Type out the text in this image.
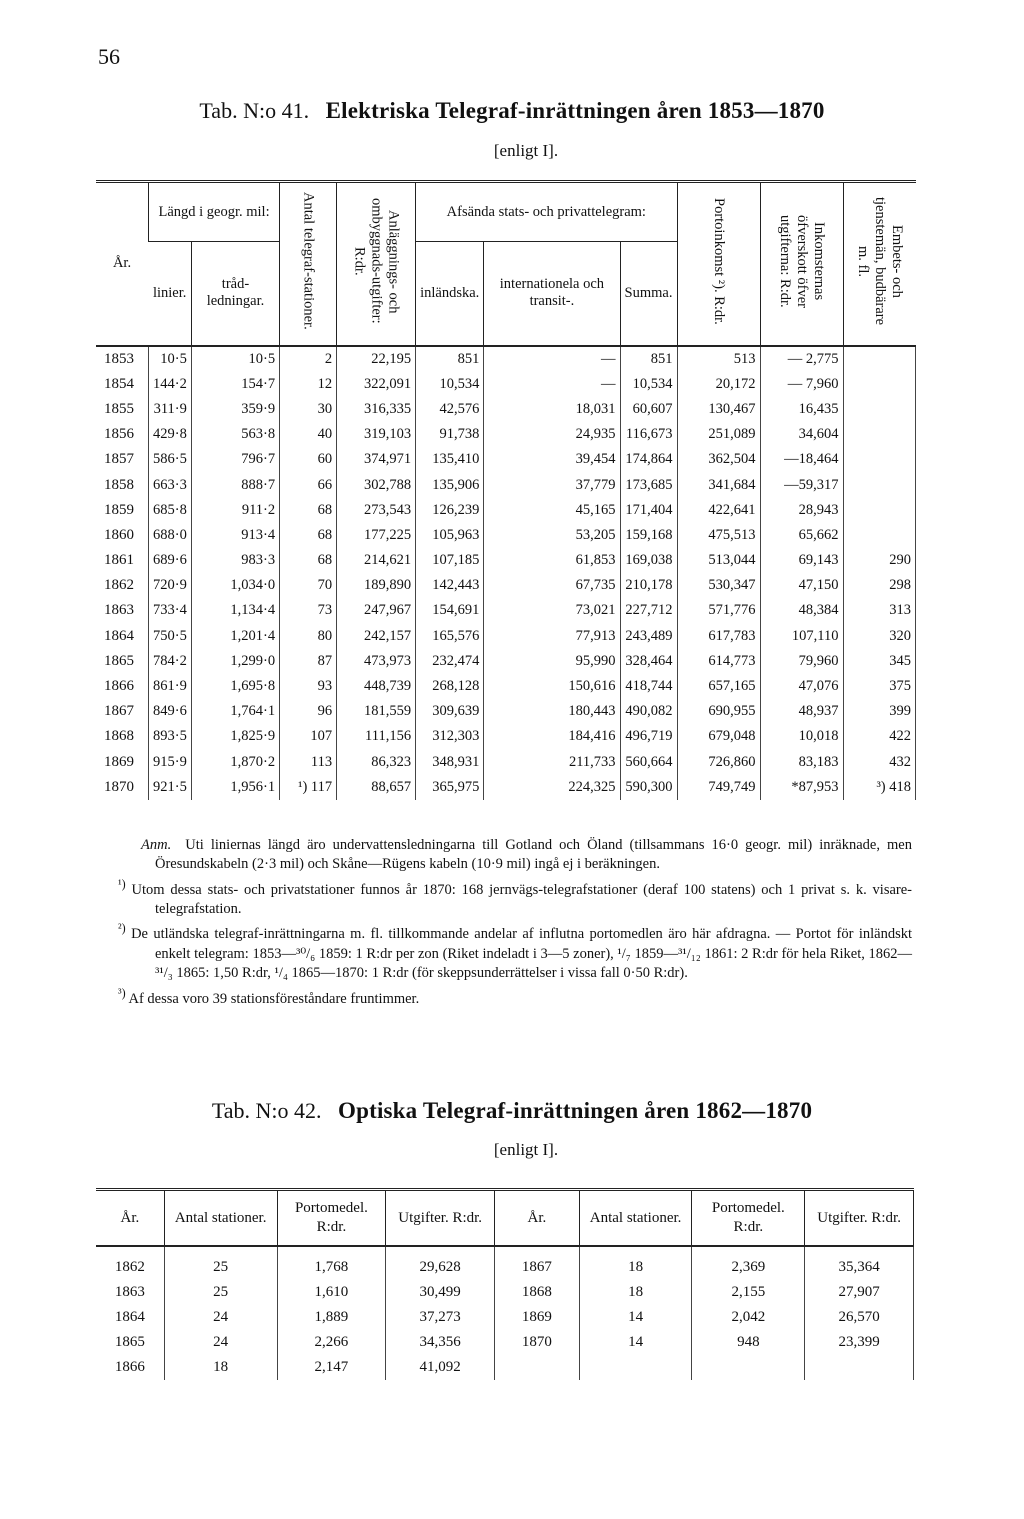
56
Tab. N:o 41. Elektriska Telegraf-inrättningen åren 1853—1870
[enligt I].
År.	Längd i geogr. mil:		Antal telegraf-stationer.	Anläggnings- och ombyggnads-utgifter: R:dr.	Afsända stats- och privattelegram:			Portoinkomst ²). R:dr.	Inkomsternas öfverskott öfver utgifterna: R:dr.	Embets- och tjenstemän, budbärare m. fl.
	linier.	tråd-ledningar.			inländska.	internationela och transit-.	Summa.			
1853	10·5	10·5	2	22,195	851	—	851	513	— 2,775	
1854	144·2	154·7	12	322,091	10,534	—	10,534	20,172	— 7,960	
1855	311·9	359·9	30	316,335	42,576	18,031	60,607	130,467	16,435	
1856	429·8	563·8	40	319,103	91,738	24,935	116,673	251,089	34,604	
1857	586·5	796·7	60	374,971	135,410	39,454	174,864	362,504	—18,464	
1858	663·3	888·7	66	302,788	135,906	37,779	173,685	341,684	—59,317	
1859	685·8	911·2	68	273,543	126,239	45,165	171,404	422,641	28,943	
1860	688·0	913·4	68	177,225	105,963	53,205	159,168	475,513	65,662	
1861	689·6	983·3	68	214,621	107,185	61,853	169,038	513,044	69,143	290
1862	720·9	1,034·0	70	189,890	142,443	67,735	210,178	530,347	47,150	298
1863	733·4	1,134·4	73	247,967	154,691	73,021	227,712	571,776	48,384	313
1864	750·5	1,201·4	80	242,157	165,576	77,913	243,489	617,783	107,110	320
1865	784·2	1,299·0	87	473,973	232,474	95,990	328,464	614,773	79,960	345
1866	861·9	1,695·8	93	448,739	268,128	150,616	418,744	657,165	47,076	375
1867	849·6	1,764·1	96	181,559	309,639	180,443	490,082	690,955	48,937	399
1868	893·5	1,825·9	107	111,156	312,303	184,416	496,719	679,048	10,018	422
1869	915·9	1,870·2	113	86,323	348,931	211,733	560,664	726,860	83,183	432
1870	921·5	1,956·1	¹) 117	88,657	365,975	224,325	590,300	749,749	*87,953	³) 418

Anm. Uti liniernas längd äro undervattensledningarna till Gotland och Öland (tillsammans 16·0 geogr. mil) inräknade, men Öresundskabeln (2·3 mil) och Skåne—Rügens kabeln (10·9 mil) ingå ej i beräkningen.

$^{^1)}$ Utom dessa stats- och privatstationer funnos år 1870: 168 jernvägs-telegrafstationer (deraf 100 statens) och 1 privat s. k. visare-telegrafstation.

$^{^2)}$ De utländska telegraf-inrättningarna m. fl. tillkommande andelar af influtna portomedlen äro här afdragna. — Portot för inländskt enkelt telegram: 1853—³⁰/₆ 1859: 1 R:dr per zon (Riket indeladt i 3—5 zoner), ¹/₇ 1859—³¹/₁₂ 1861: 2 R:dr för hela Riket, 1862—³¹/₃ 1865: 1,50 R:dr, ¹/₄ 1865—1870: 1 R:dr (för skeppsunderrättelser i vissa fall 0·50 R:dr).

$^{^3)}$ Af dessa voro 39 stationsföreståndare fruntimmer.

Tab. N:o 42. Optiska Telegraf-inrättningen åren 1862—1870
[enligt I].
År.	Antal stationer.	Portomedel. R:dr.	Utgifter. R:dr.	År.	Antal stationer.	Portomedel. R:dr.	Utgifter. R:dr.
1862	25	1,768	29,628	1867	18	2,369	35,364
1863	25	1,610	30,499	1868	18	2,155	27,907
1864	24	1,889	37,273	1869	14	2,042	26,570
1865	24	2,266	34,356	1870	14	948	23,399
1866	18	2,147	41,092				
